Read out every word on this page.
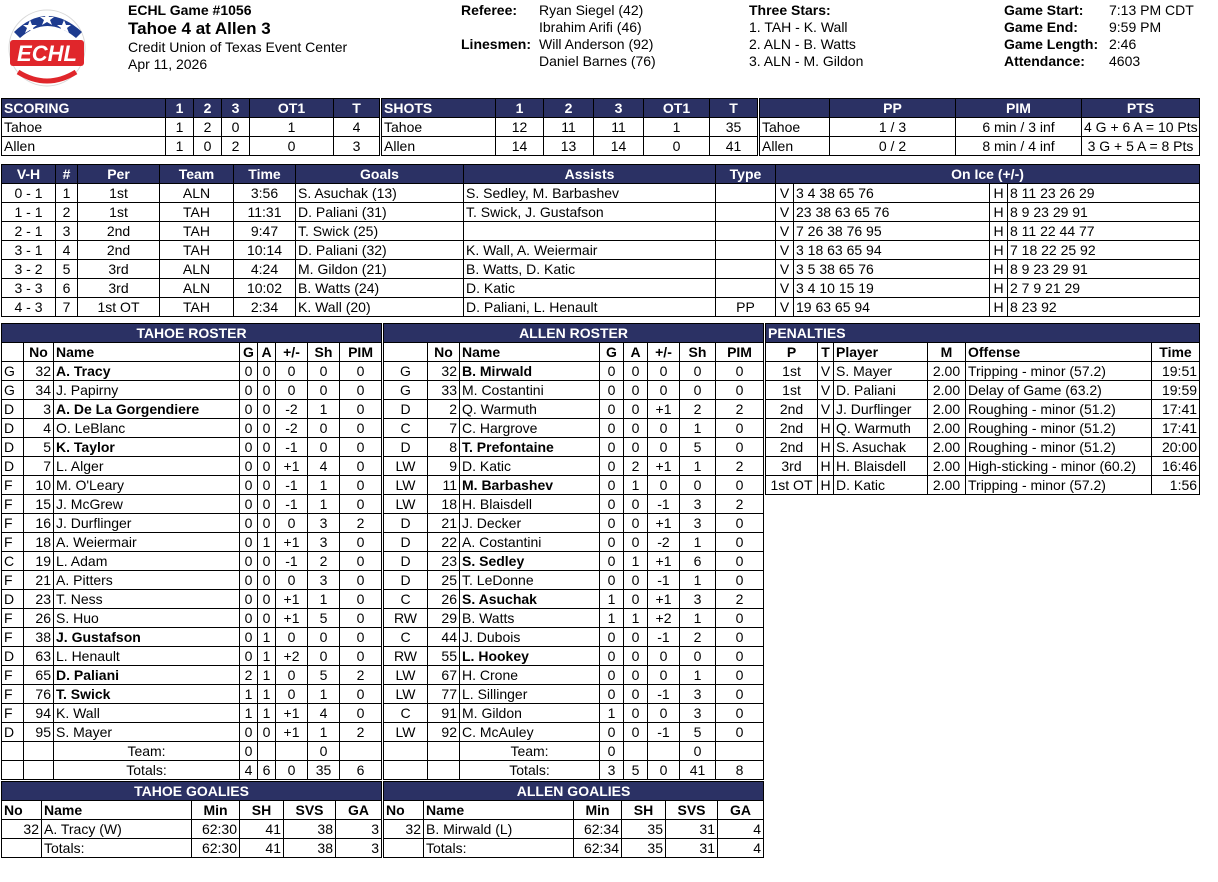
ECHL
ECHL Game #1056
Tahoe 4 at Allen 3
Credit Union of Texas Event Center
Apr 11, 2026
Referee: Ryan Siegel (42)
Ibrahim Arifi (46)
Linesmen: Will Anderson (92)
Daniel Barnes (76)
Three Stars:
1. TAH - K. Wall
2. ALN - B. Watts
3. ALN - M. Gildon
Game Start: 7:13 PM CDT
Game End: 9:59 PM
Game Length: 2:46
Attendance: 4603
SCORING	1	2	3	OT1	T
Tahoe	1	2	0	1	4
Allen	1	0	2	0	3
SHOTS	1	2	3	OT1	T
Tahoe	12	11	11	1	35
Allen	14	13	14	0	41
	PP	PIM	PTS
Tahoe	1 / 3	6 min / 3 inf	4 G + 6 A = 10 Pts
Allen	0 / 2	8 min / 4 inf	3 G + 5 A = 8 Pts
V-H	#	Per	Team	Time	Goals	Assists	Type	On Ice (+/-)			
0 - 1	1	1st	ALN	3:56	S. Asuchak (13)	S. Sedley, M. Barbashev		V	3 4 38 65 76	H	8 11 23 26 29
1 - 1	2	1st	TAH	11:31	D. Paliani (31)	T. Swick, J. Gustafson		V	23 38 63 65 76	H	8 9 23 29 91
2 - 1	3	2nd	TAH	9:47	T. Swick (25)			V	7 26 38 76 95	H	8 11 22 44 77
3 - 1	4	2nd	TAH	10:14	D. Paliani (32)	K. Wall, A. Weiermair		V	3 18 63 65 94	H	7 18 22 25 92
3 - 2	5	3rd	ALN	4:24	M. Gildon (21)	B. Watts, D. Katic		V	3 5 38 65 76	H	8 9 23 29 91
3 - 3	6	3rd	ALN	10:02	B. Watts (24)	D. Katic		V	3 4 10 15 19	H	2 7 9 21 29
4 - 3	7	1st OT	TAH	2:34	K. Wall (20)	D. Paliani, L. Henault	PP	V	19 63 65 94	H	8 23 92
TAHOE ROSTER							
	No	Name	G	A	+/-	Sh	PIM
G	32	A. Tracy	0	0	0	0	0
G	34	J. Papirny	0	0	0	0	0
D	3	A. De La Gorgendiere	0	0	-2	1	0
D	4	O. LeBlanc	0	0	-2	0	0
D	5	K. Taylor	0	0	-1	0	0
D	7	L. Alger	0	0	+1	4	0
F	10	M. O'Leary	0	0	-1	1	0
F	15	J. McGrew	0	0	-1	1	0
F	16	J. Durflinger	0	0	0	3	2
F	18	A. Weiermair	0	1	+1	3	0
C	19	L. Adam	0	0	-1	2	0
F	21	A. Pitters	0	0	0	3	0
D	23	T. Ness	0	0	+1	1	0
F	26	S. Huo	0	0	+1	5	0
F	38	J. Gustafson	0	1	0	0	0
D	63	L. Henault	0	1	+2	0	0
F	65	D. Paliani	2	1	0	5	2
F	76	T. Swick	1	1	0	1	0
F	94	K. Wall	1	1	+1	4	0
D	95	S. Mayer	0	0	+1	1	2
		Team:	0			0	
		Totals:	4	6	0	35	6
ALLEN ROSTER							
	No	Name	G	A	+/-	Sh	PIM
G	32	B. Mirwald	0	0	0	0	0
G	33	M. Costantini	0	0	0	0	0
D	2	Q. Warmuth	0	0	+1	2	2
C	7	C. Hargrove	0	0	0	1	0
D	8	T. Prefontaine	0	0	0	5	0
LW	9	D. Katic	0	2	+1	1	2
LW	11	M. Barbashev	0	1	0	0	0
LW	18	H. Blaisdell	0	0	-1	3	2
D	21	J. Decker	0	0	+1	3	0
D	22	A. Costantini	0	0	-2	1	0
D	23	S. Sedley	0	1	+1	6	0
D	25	T. LeDonne	0	0	-1	1	0
C	26	S. Asuchak	1	0	+1	3	2
RW	29	B. Watts	1	1	+2	1	0
C	44	J. Dubois	0	0	-1	2	0
RW	55	L. Hookey	0	0	0	0	0
LW	67	H. Crone	0	0	0	1	0
LW	77	L. Sillinger	0	0	-1	3	0
C	91	M. Gildon	1	0	0	3	0
LW	92	C. McAuley	0	0	-1	5	0
		Team:	0			0	
		Totals:	3	5	0	41	8
PENALTIES					
P	T	Player	M	Offense	Time
1st	V	S. Mayer	2.00	Tripping - minor (57.2)	19:51
1st	V	D. Paliani	2.00	Delay of Game (63.2)	19:59
2nd	V	J. Durflinger	2.00	Roughing - minor (51.2)	17:41
2nd	H	Q. Warmuth	2.00	Roughing - minor (51.2)	17:41
2nd	H	S. Asuchak	2.00	Roughing - minor (51.2)	20:00
3rd	H	H. Blaisdell	2.00	High-sticking - minor (60.2)	16:46
1st OT	H	D. Katic	2.00	Tripping - minor (57.2)	1:56
TAHOE GOALIES					
No	Name	Min	SH	SVS	GA
32	A. Tracy (W)	62:30	41	38	3
	Totals:	62:30	41	38	3
ALLEN GOALIES					
No	Name	Min	SH	SVS	GA
32	B. Mirwald (L)	62:34	35	31	4
	Totals:	62:34	35	31	4
